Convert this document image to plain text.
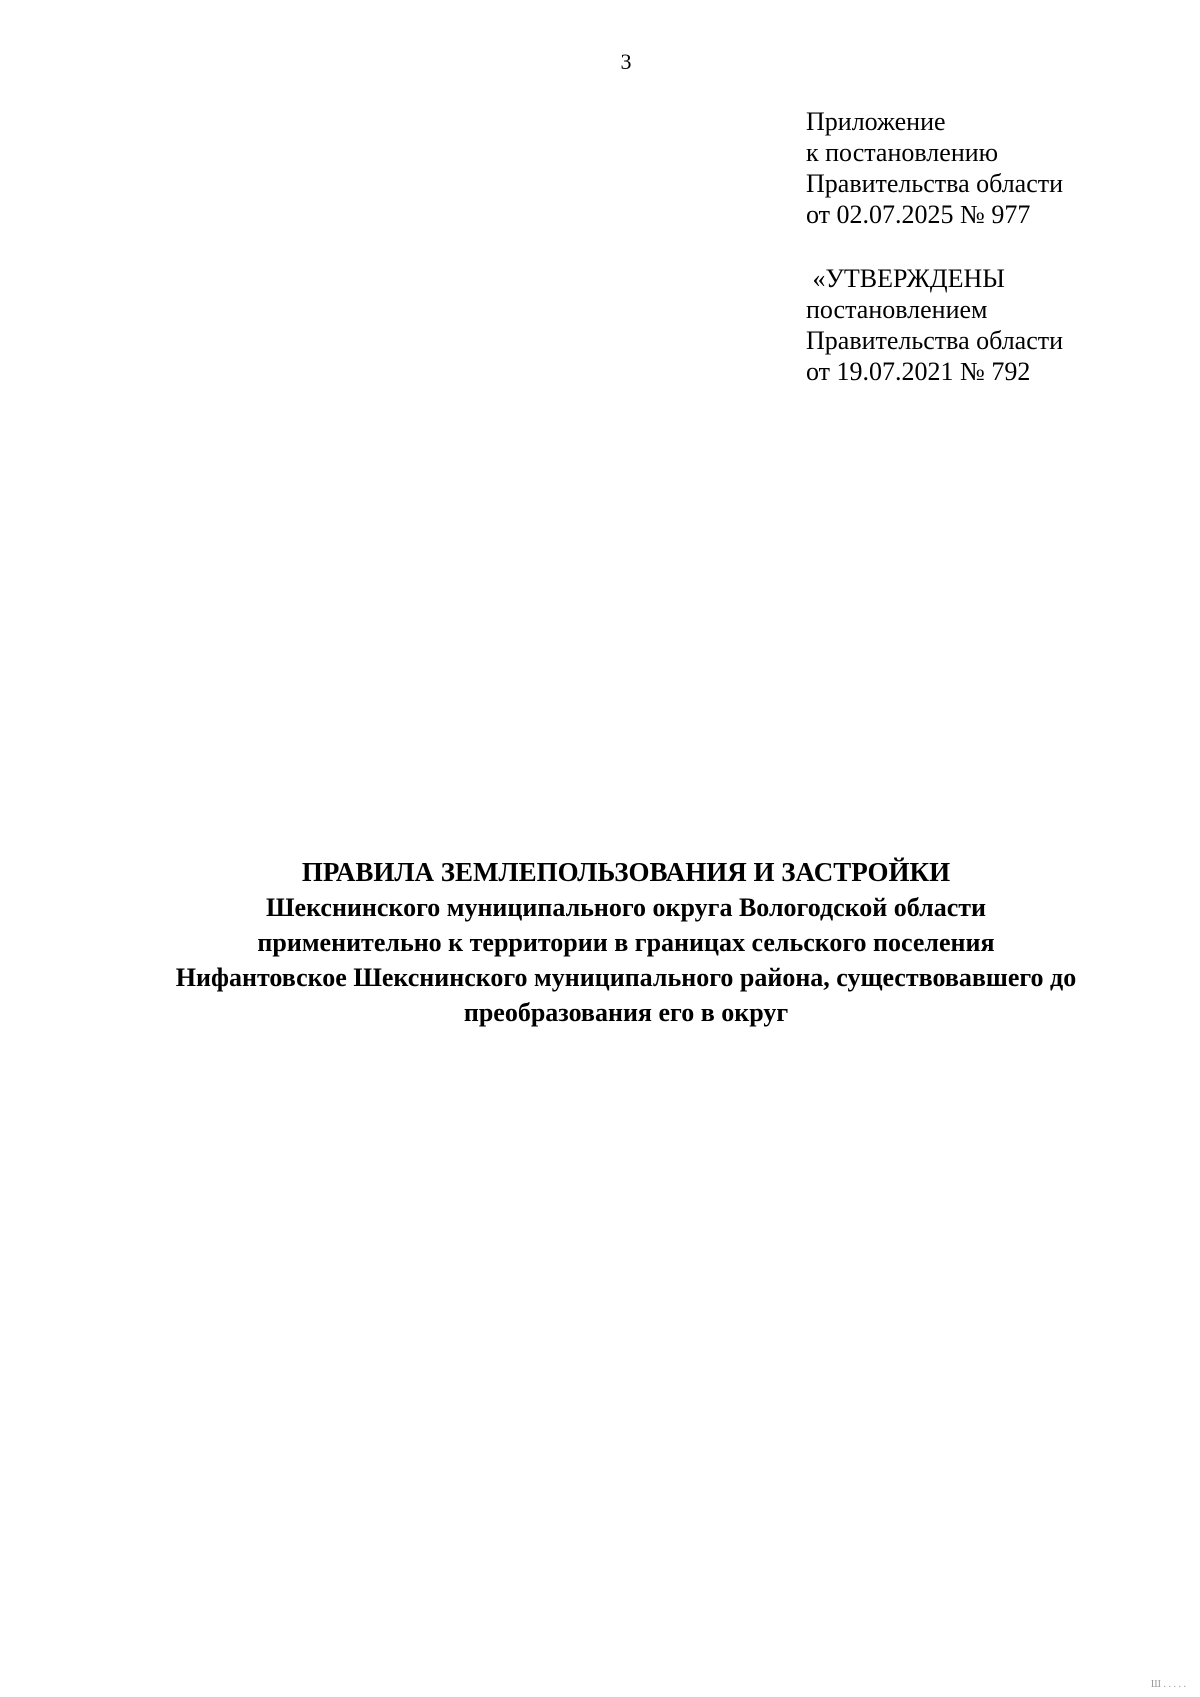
3
Приложение
к постановлению
Правительства области
от 02.07.2025 № 977
«УТВЕРЖДЕНЫ
постановлением
Правительства области
от 19.07.2021 № 792
ПРАВИЛА ЗЕМЛЕПОЛЬЗОВАНИЯ И ЗАСТРОЙКИ
Шекснинского муниципального округа Вологодской области
применительно к территории в границах сельского поселения
Нифантовское Шекснинского муниципального района, существовавшего до
преобразования его в округ
Ш . . . . .
